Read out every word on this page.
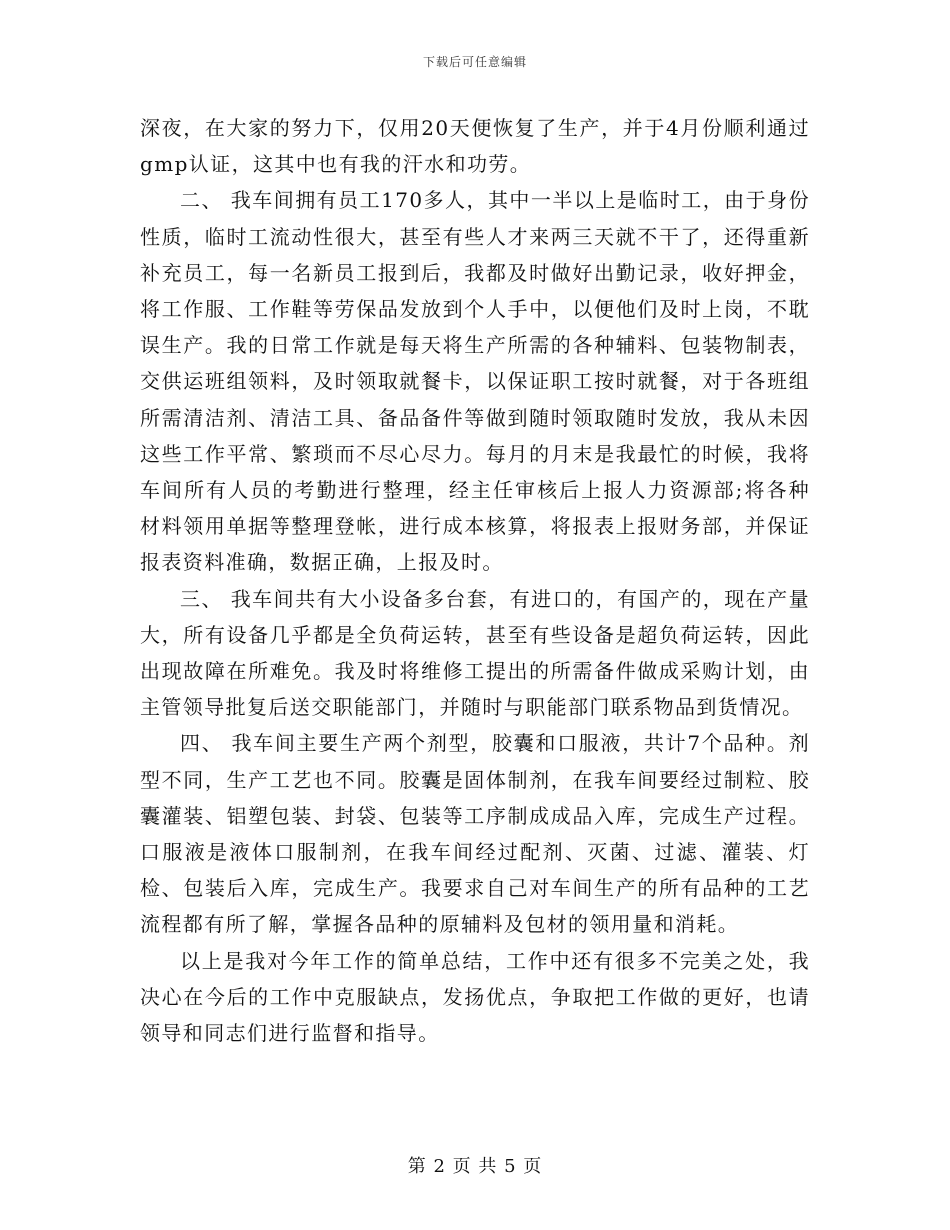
下载后可任意编辑

深夜，在大家的努力下，仅用20天便恢复了生产，并于4月份顺利通过gmp认证，这其中也有我的汗水和功劳。

二、 我车间拥有员工170多人，其中一半以上是临时工，由于身份性质，临时工流动性很大，甚至有些人才来两三天就不干了，还得重新补充员工，每一名新员工报到后，我都及时做好出勤记录，收好押金，将工作服、工作鞋等劳保品发放到个人手中，以便他们及时上岗，不耽误生产。我的日常工作就是每天将生产所需的各种辅料、包装物制表，交供运班组领料，及时领取就餐卡，以保证职工按时就餐，对于各班组所需清洁剂、清洁工具、备品备件等做到随时领取随时发放，我从未因这些工作平常、繁琐而不尽心尽力。每月的月末是我最忙的时候，我将车间所有人员的考勤进行整理，经主任审核后上报人力资源部;将各种材料领用单据等整理登帐，进行成本核算，将报表上报财务部，并保证报表资料准确，数据正确，上报及时。

三、 我车间共有大小设备多台套，有进口的，有国产的，现在产量大，所有设备几乎都是全负荷运转，甚至有些设备是超负荷运转，因此出现故障在所难免。我及时将维修工提出的所需备件做成采购计划，由主管领导批复后送交职能部门，并随时与职能部门联系物品到货情况。

四、 我车间主要生产两个剂型，胶囊和口服液，共计7个品种。剂型不同，生产工艺也不同。胶囊是固体制剂，在我车间要经过制粒、胶囊灌装、铝塑包装、封袋、包装等工序制成成品入库，完成生产过程。口服液是液体口服制剂，在我车间经过配剂、灭菌、过滤、灌装、灯检、包装后入库，完成生产。我要求自己对车间生产的所有品种的工艺流程都有所了解，掌握各品种的原辅料及包材的领用量和消耗。

以上是我对今年工作的简单总结，工作中还有很多不完美之处，我决心在今后的工作中克服缺点，发扬优点，争取把工作做的更好，也请领导和同志们进行监督和指导。

第 2 页 共 5 页
